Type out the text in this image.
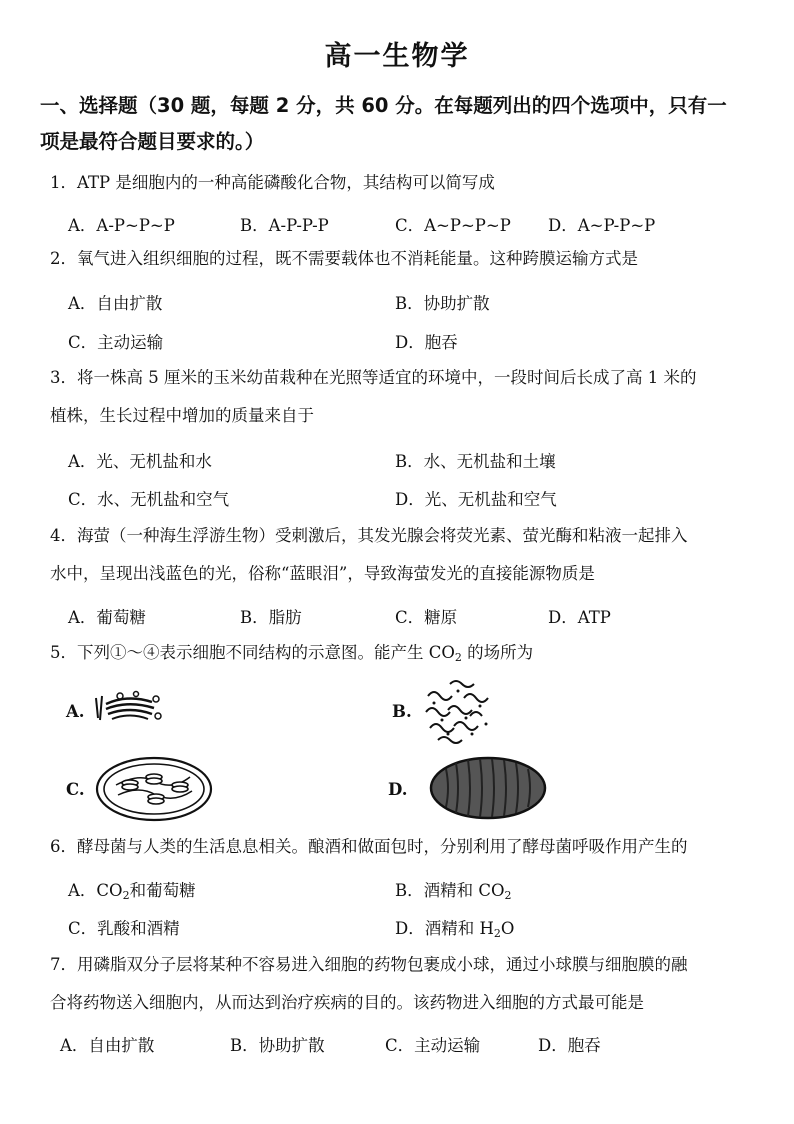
高一生物学
一、选择题（30 题，每题 2 分，共 60 分。在每题列出的四个选项中，只有一
项是最符合题目要求的。）
1．ATP 是细胞内的一种高能磷酸化合物，其结构可以简写成
A．A-P~P~P	B．A-P-P-P	C．A~P~P~P D．A~P-P~P
2．氧气进入组织细胞的过程，既不需要载体也不消耗能量。这种跨膜运输方式是
A．自由扩散	B．协助扩散
C．主动运输	D．胞吞
3．将一株高 5 厘米的玉米幼苗栽种在光照等适宜的环境中，一段时间后长成了高 1 米的
植株，生长过程中增加的质量来自于
A．光、无机盐和水	B．水、无机盐和土壤
C．水、无机盐和空气	D．光、无机盐和空气
4．海萤（一种海生浮游生物）受刺激后，其发光腺会将荧光素、萤光酶和粘液一起排入
水中，呈现出浅蓝色的光，俗称“蓝眼泪”，导致海萤发光的直接能源物质是
A．葡萄糖	B．脂肪	C．糖原	D．ATP
5．下列①～④表示细胞不同结构的示意图。能产生 $CO_2$ 的场所为
A.	B.
C.	D.
6．酵母菌与人类的生活息息相关。酿酒和做面包时，分别利用了酵母菌呼吸作用产生的
A．$CO_2$和葡萄糖	B．酒精和 $CO_2$
C．乳酸和酒精	D．酒精和 $H_2O$
7．用磷脂双分子层将某种不容易进入细胞的药物包裹成小球，通过小球膜与细胞膜的融
合将药物送入细胞内，从而达到治疗疾病的目的。该药物进入细胞的方式最可能是
A．自由扩散	B．协助扩散	C．主动运输	D．胞吞
